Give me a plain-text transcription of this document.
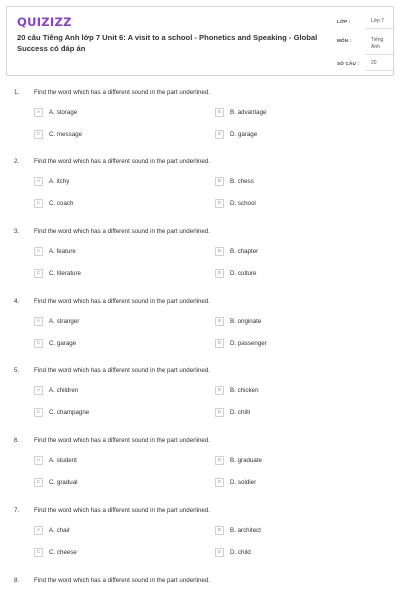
QUIZIZZ
20 câu Tiếng Anh lớp 7 Unit 6: A visit to a school - Phonetics and Speaking - Global Success có đáp án
LỚP :	Lớp 7
MÔN :	Tiếng Anh
SỐ CÂU :	20
1. Find the word which has a different sound in the part underlined.
A	A. storage	B	B. advantage
C	C. message	D	D. garage
2. Find the word which has a different sound in the part underlined.
A	A. itchy	B	B. chess
C	C. coach	D	D. school
3. Find the word which has a different sound in the part underlined.
A	A. feature	B	B. chapter
C	C. literature	D	D. culture
4. Find the word which has a different sound in the part underlined.
A	A. stranger	B	B. originate
C	C. garage	D	D. passenger
5. Find the word which has a different sound in the part underlined.
A	A. children	B	B. chicken
C	C. champagne	D	D. chilli
6. Find the word which has a different sound in the part underlined.
A	A. student	B	B. graduate
C	C. gradual	D	D. soldier
7. Find the word which has a different sound in the part underlined.
A	A. chair	B	B. architect
C	C. cheese	D	D. child
8. Find the word which has a different sound in the part underlined.
